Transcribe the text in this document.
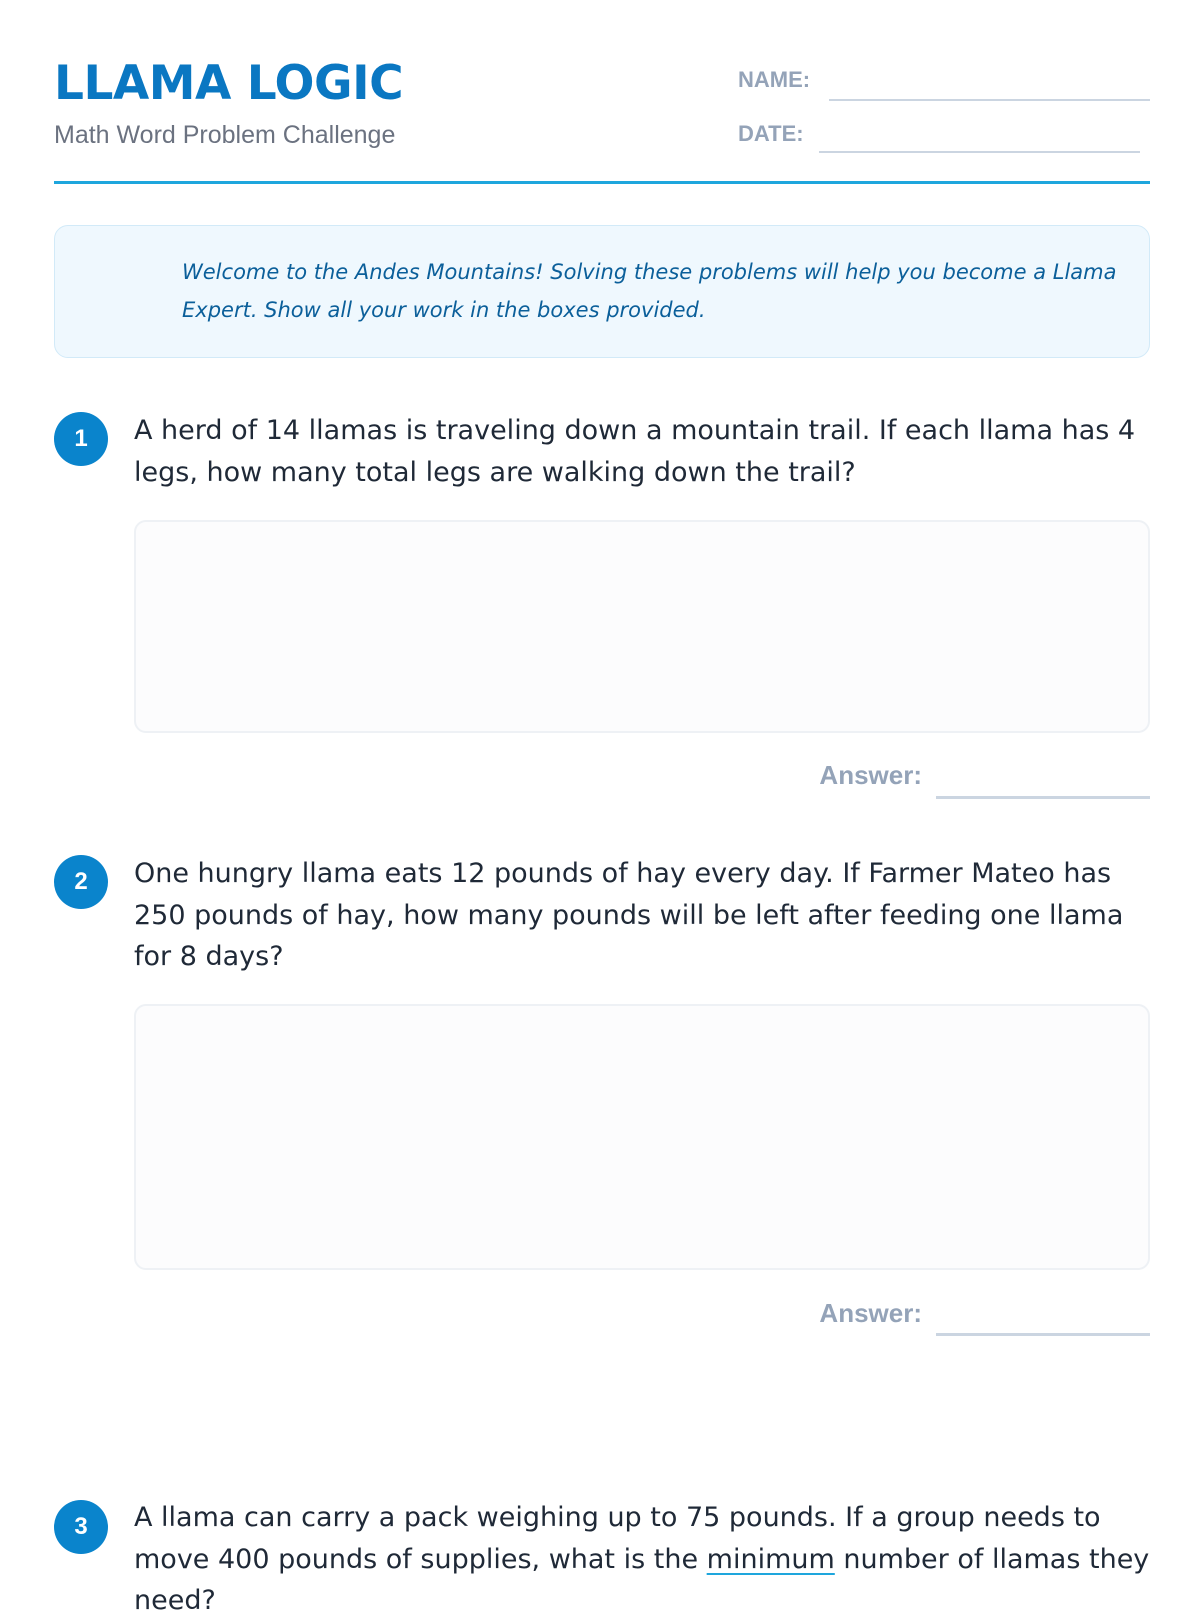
LLAMA LOGIC
Math Word Problem Challenge
NAME:
DATE:
Welcome to the Andes Mountains! Solving these problems will help you become a Llama Expert. Show all your work in the boxes provided.
1	A herd of 14 llamas is traveling down a mountain trail. If each llama has 4 legs, how many total legs are walking down the trail?
Answer:
2	One hungry llama eats 12 pounds of hay every day. If Farmer Mateo has 250 pounds of hay, how many pounds will be left after feeding one llama for 8 days?
Answer:
3	A llama can carry a pack weighing up to 75 pounds. If a group needs to move 400 pounds of supplies, what is the minimum number of llamas they need?
